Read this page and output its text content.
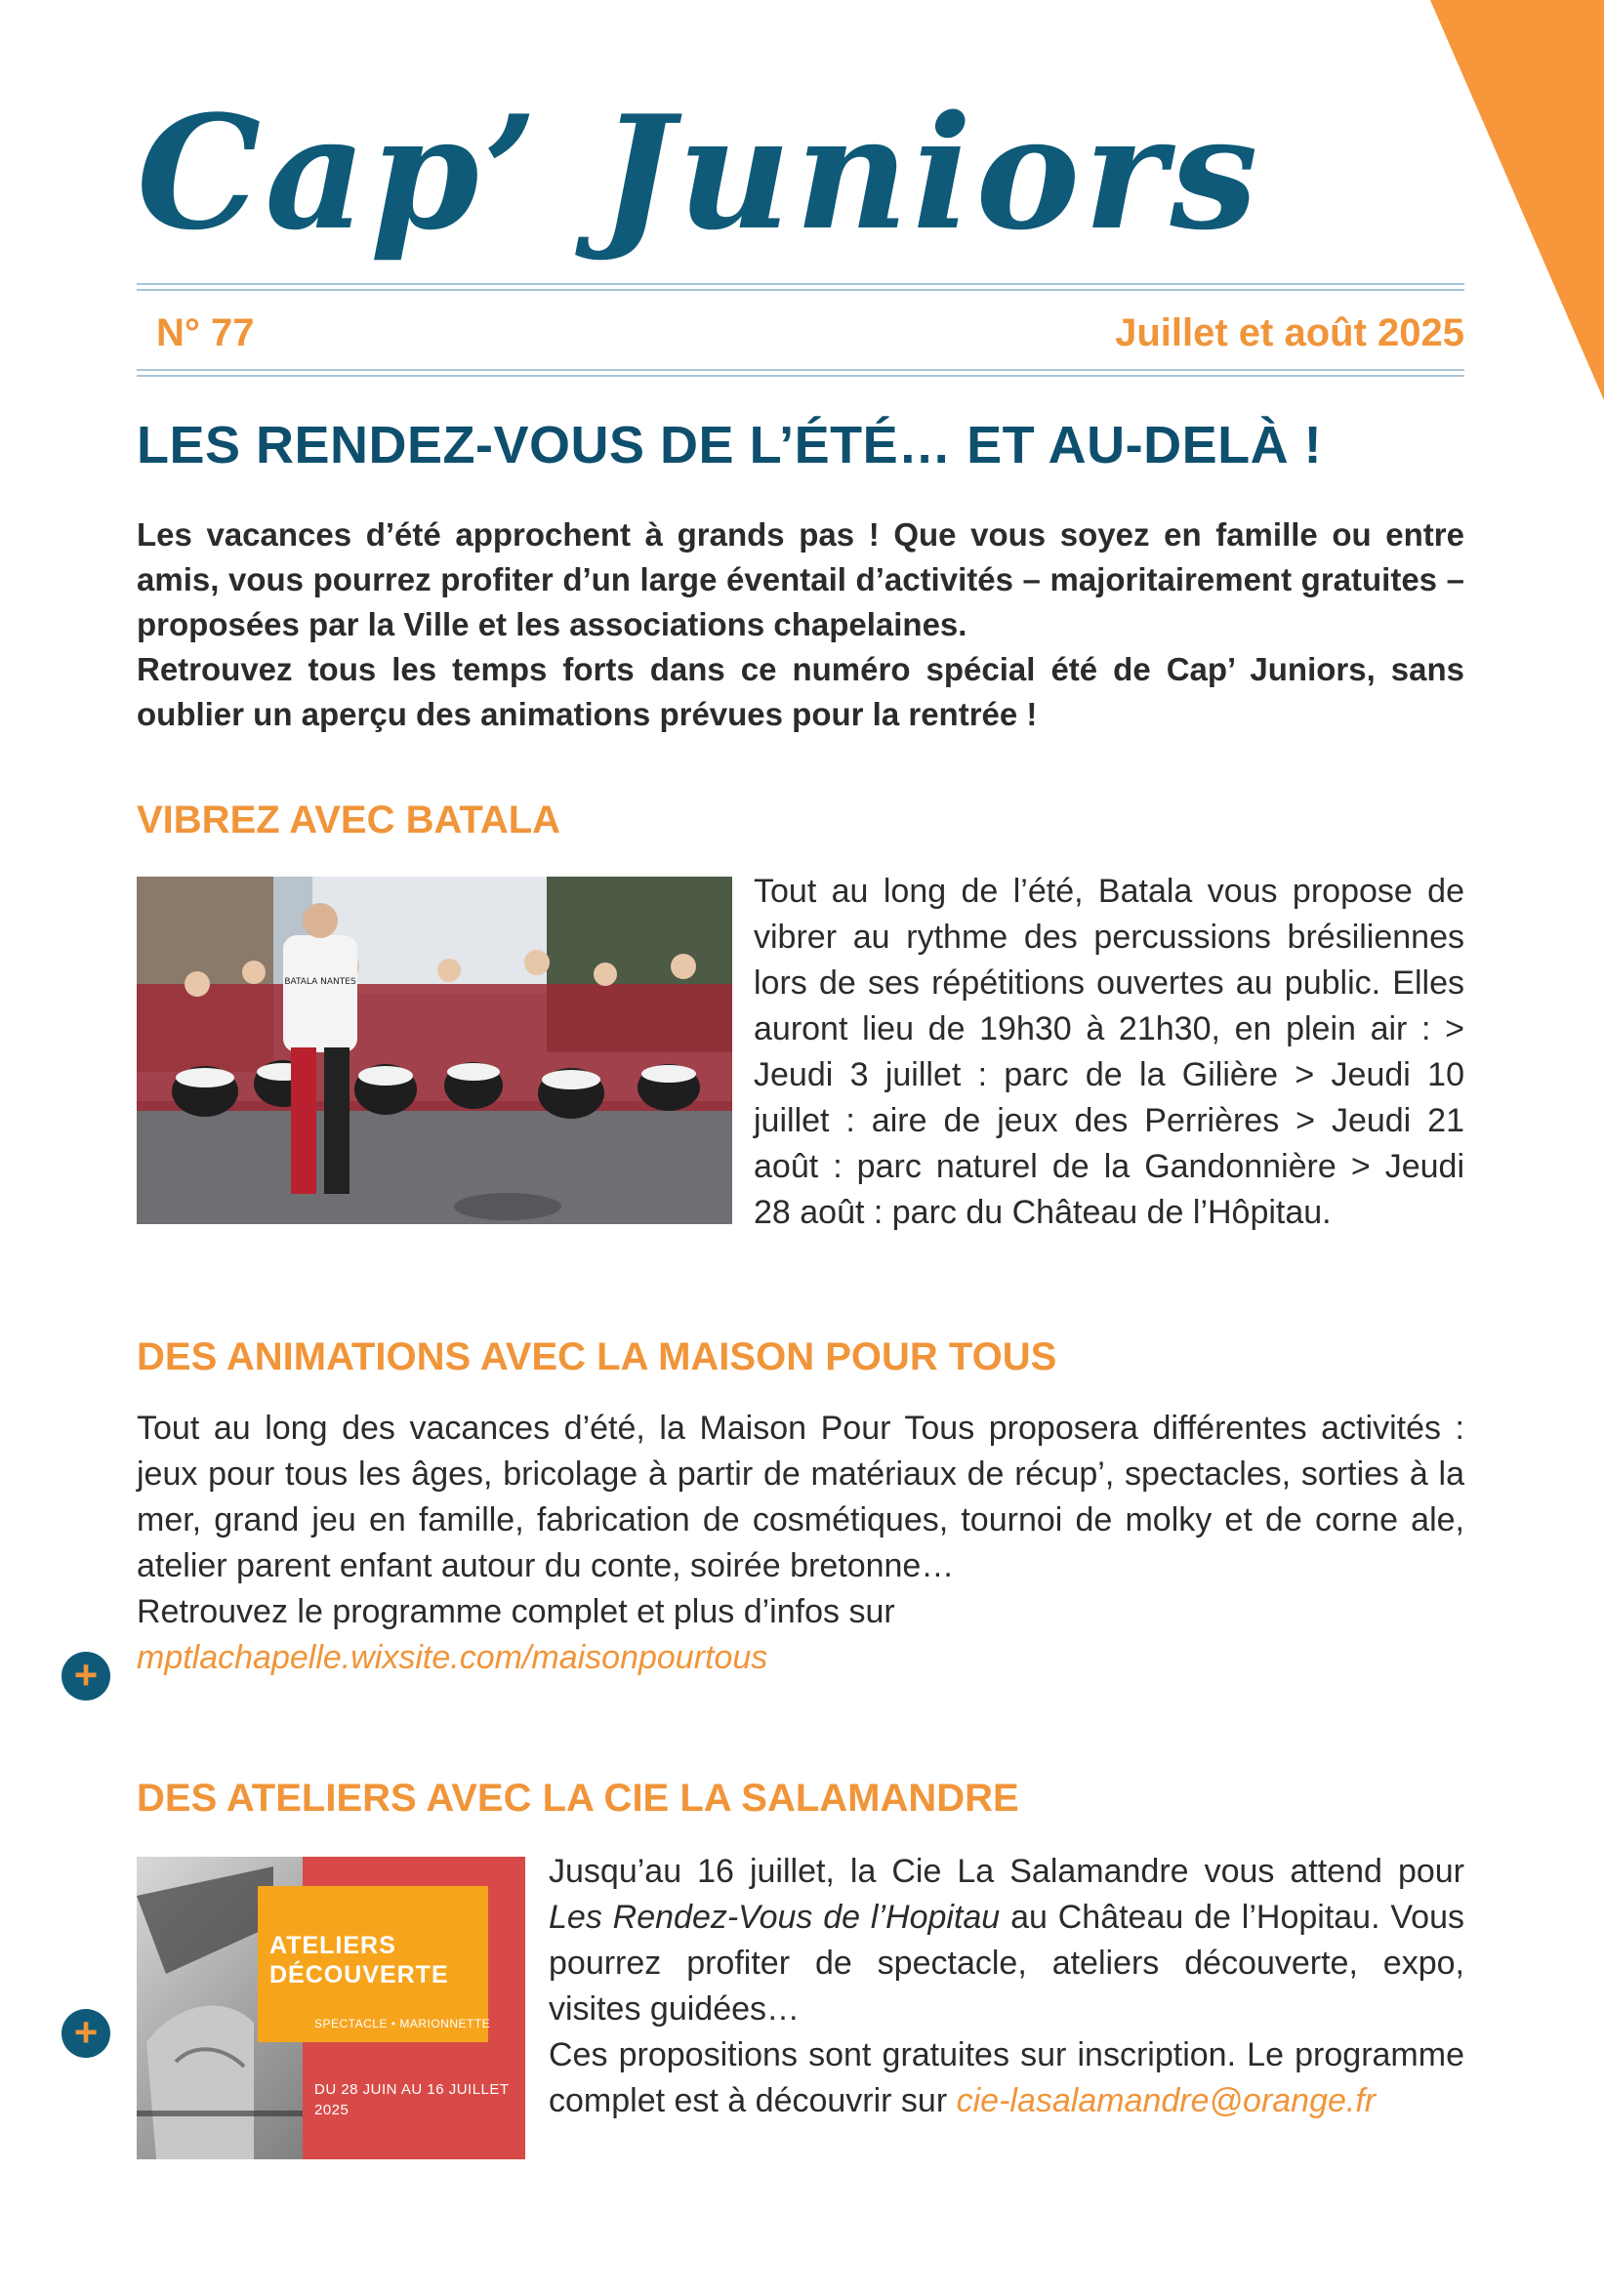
Cap’ Juniors
N° 77	Juillet et août 2025
LES RENDEZ-VOUS DE L’ÉTÉ… ET AU-DELÀ !

Les vacances d’été approchent à grands pas ! Que vous soyez en famille ou entre amis, vous pourrez profiter d’un large éventail d’activités – majoritairement gratuites – proposées par la Ville et les associations chapelaines.

Retrouvez tous les temps forts dans ce numéro spécial été de Cap’ Juniors, sans oublier un aperçu des animations prévues pour la rentrée !

VIBREZ AVEC BATALA
BATALA NANTES
Tout au long de l’été, Batala vous propose de vibrer au rythme des percussions brésiliennes lors de ses répétitions ouvertes au public. Elles auront lieu de 19h30 à 21h30, en plein air : > Jeudi 3 juillet : parc de la Gilière > Jeudi 10 juillet : aire de jeux des Perrières > Jeudi 21 août : parc naturel de la Gandonnière > Jeudi 28 août : parc du Château de l’Hôpitau.
DES ANIMATIONS AVEC LA MAISON POUR TOUS

Tout au long des vacances d’été, la Maison Pour Tous proposera différentes activités : jeux pour tous les âges, bricolage à partir de matériaux de récup’, spectacles, sorties à la mer, grand jeu en famille, fabrication de cosmétiques, tournoi de molky et de corne ale, atelier parent enfant autour du conte, soirée bretonne…

Retrouvez le programme complet et plus d’infos sur mptlachapelle.wixsite.com/maisonpourtous

+
DES ATELIERS AVEC LA CIE LA SALAMANDRE
ATELIERS DÉCOUVERTE
SPECTACLE • MARIONNETTE
DU 28 JUIN AU 16 JUILLET 2025
+

Jusqu’au 16 juillet, la Cie La Salamandre vous attend pour Les Rendez-Vous de l’Hopitau au Château de l’Hopitau. Vous pourrez profiter de spectacle, ateliers découverte, expo, visites guidées…

Ces propositions sont gratuites sur inscription. Le programme complet est à découvrir sur cie-lasalamandre@orange.fr
